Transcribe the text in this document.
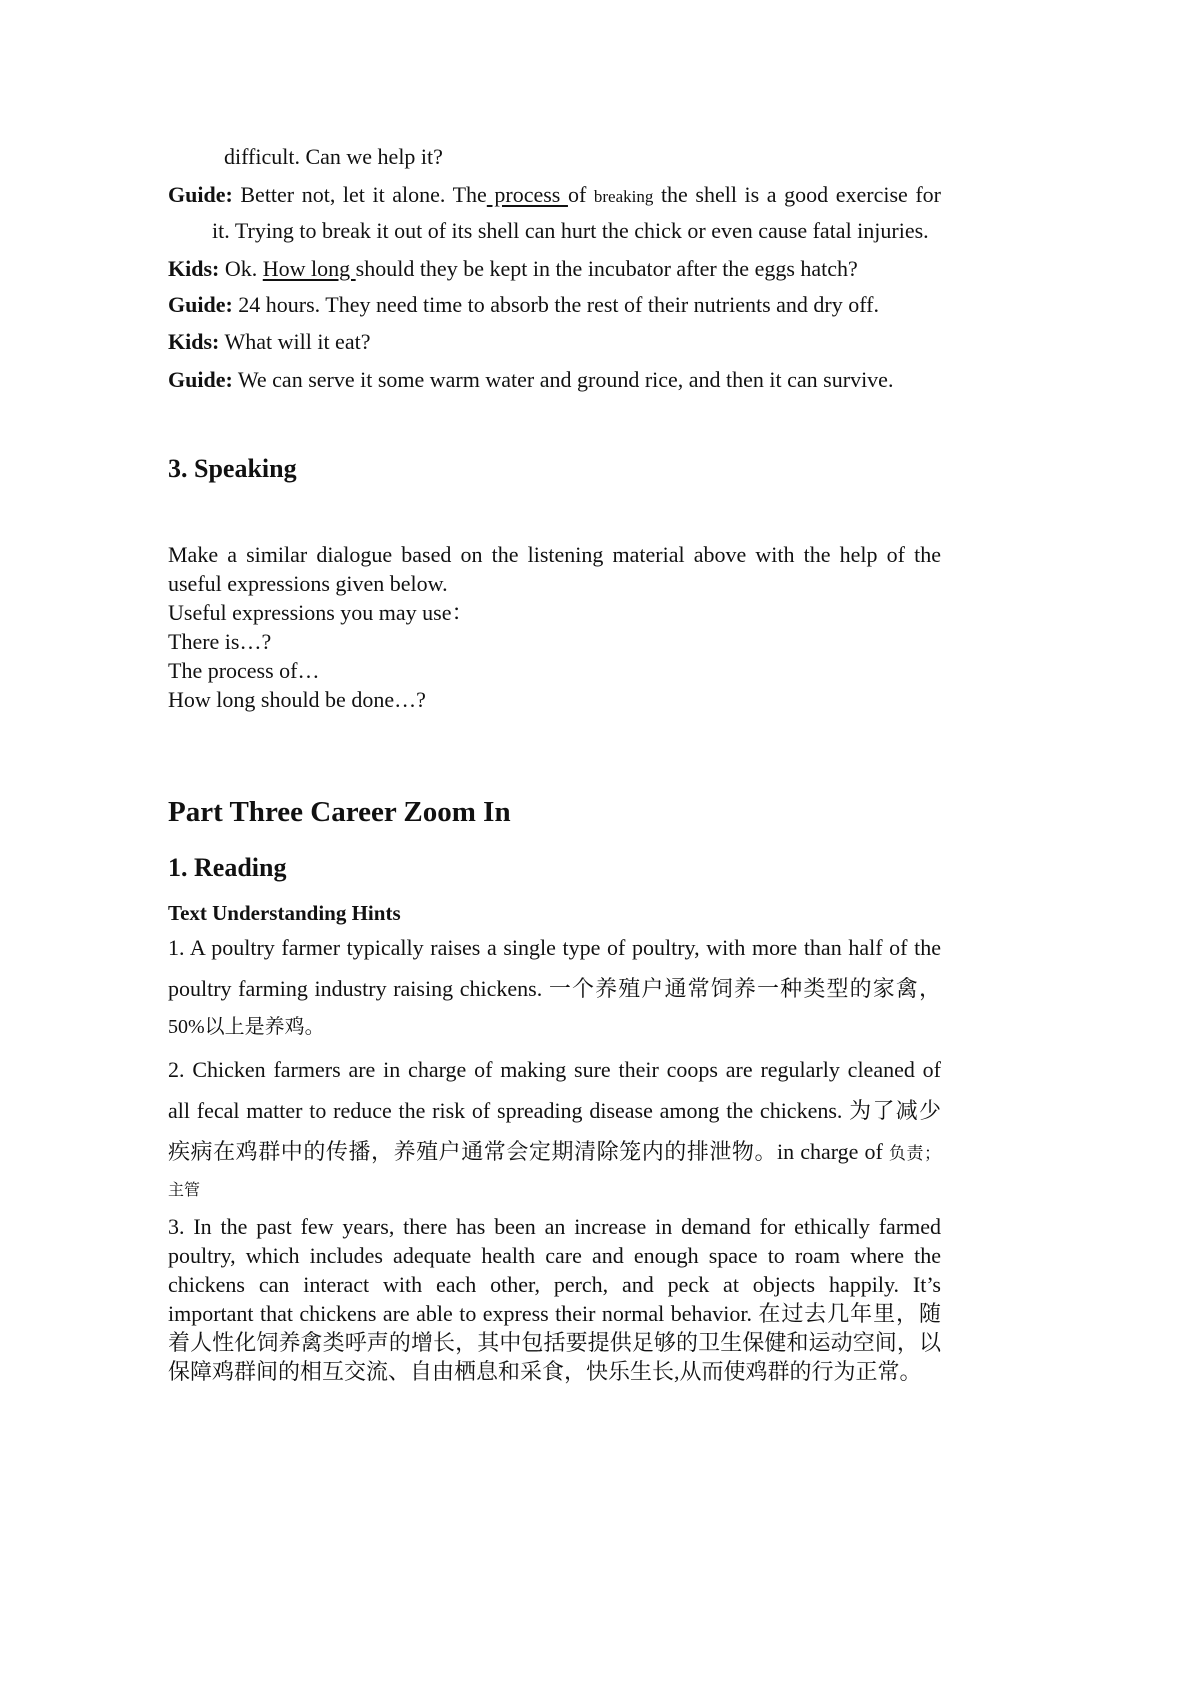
difficult. Can we help it?
Guide: Better not, let it alone. The process of breaking the shell is a good exercise for
it. Trying to break it out of its shell can hurt the chick or even cause fatal injuries.
Kids: Ok. How long should they be kept in the incubator after the eggs hatch?
Guide: 24 hours. They need time to absorb the rest of their nutrients and dry off.
Kids: What will it eat?
Guide: We can serve it some warm water and ground rice, and then it can survive.
3. Speaking
Make a similar dialogue based on the listening material above with the help of the
useful expressions given below.
Useful expressions you may use：
There is…?
The process of…
How long should be done…?
Part Three Career Zoom In
1. Reading
Text Understanding Hints
1. A poultry farmer typically raises a single type of poultry, with more than half of the
poultry farming industry raising chickens. 一个养殖户通常饲养一种类型的家禽，
50%以上是养鸡。
2. Chicken farmers are in charge of making sure their coops are regularly cleaned of
all fecal matter to reduce the risk of spreading disease among the chickens. 为了减少
疾病在鸡群中的传播，养殖户通常会定期清除笼内的排泄物。in charge of 负责；
主管
3. In the past few years, there has been an increase in demand for ethically farmed
poultry, which includes adequate health care and enough space to roam where the
chickens can interact with each other, perch, and peck at objects happily. It’s
important that chickens are able to express their normal behavior. 在过去几年里，随
着人性化饲养禽类呼声的增长，其中包括要提供足够的卫生保健和运动空间，以
保障鸡群间的相互交流、自由栖息和采食，快乐生长,从而使鸡群的行为正常。
